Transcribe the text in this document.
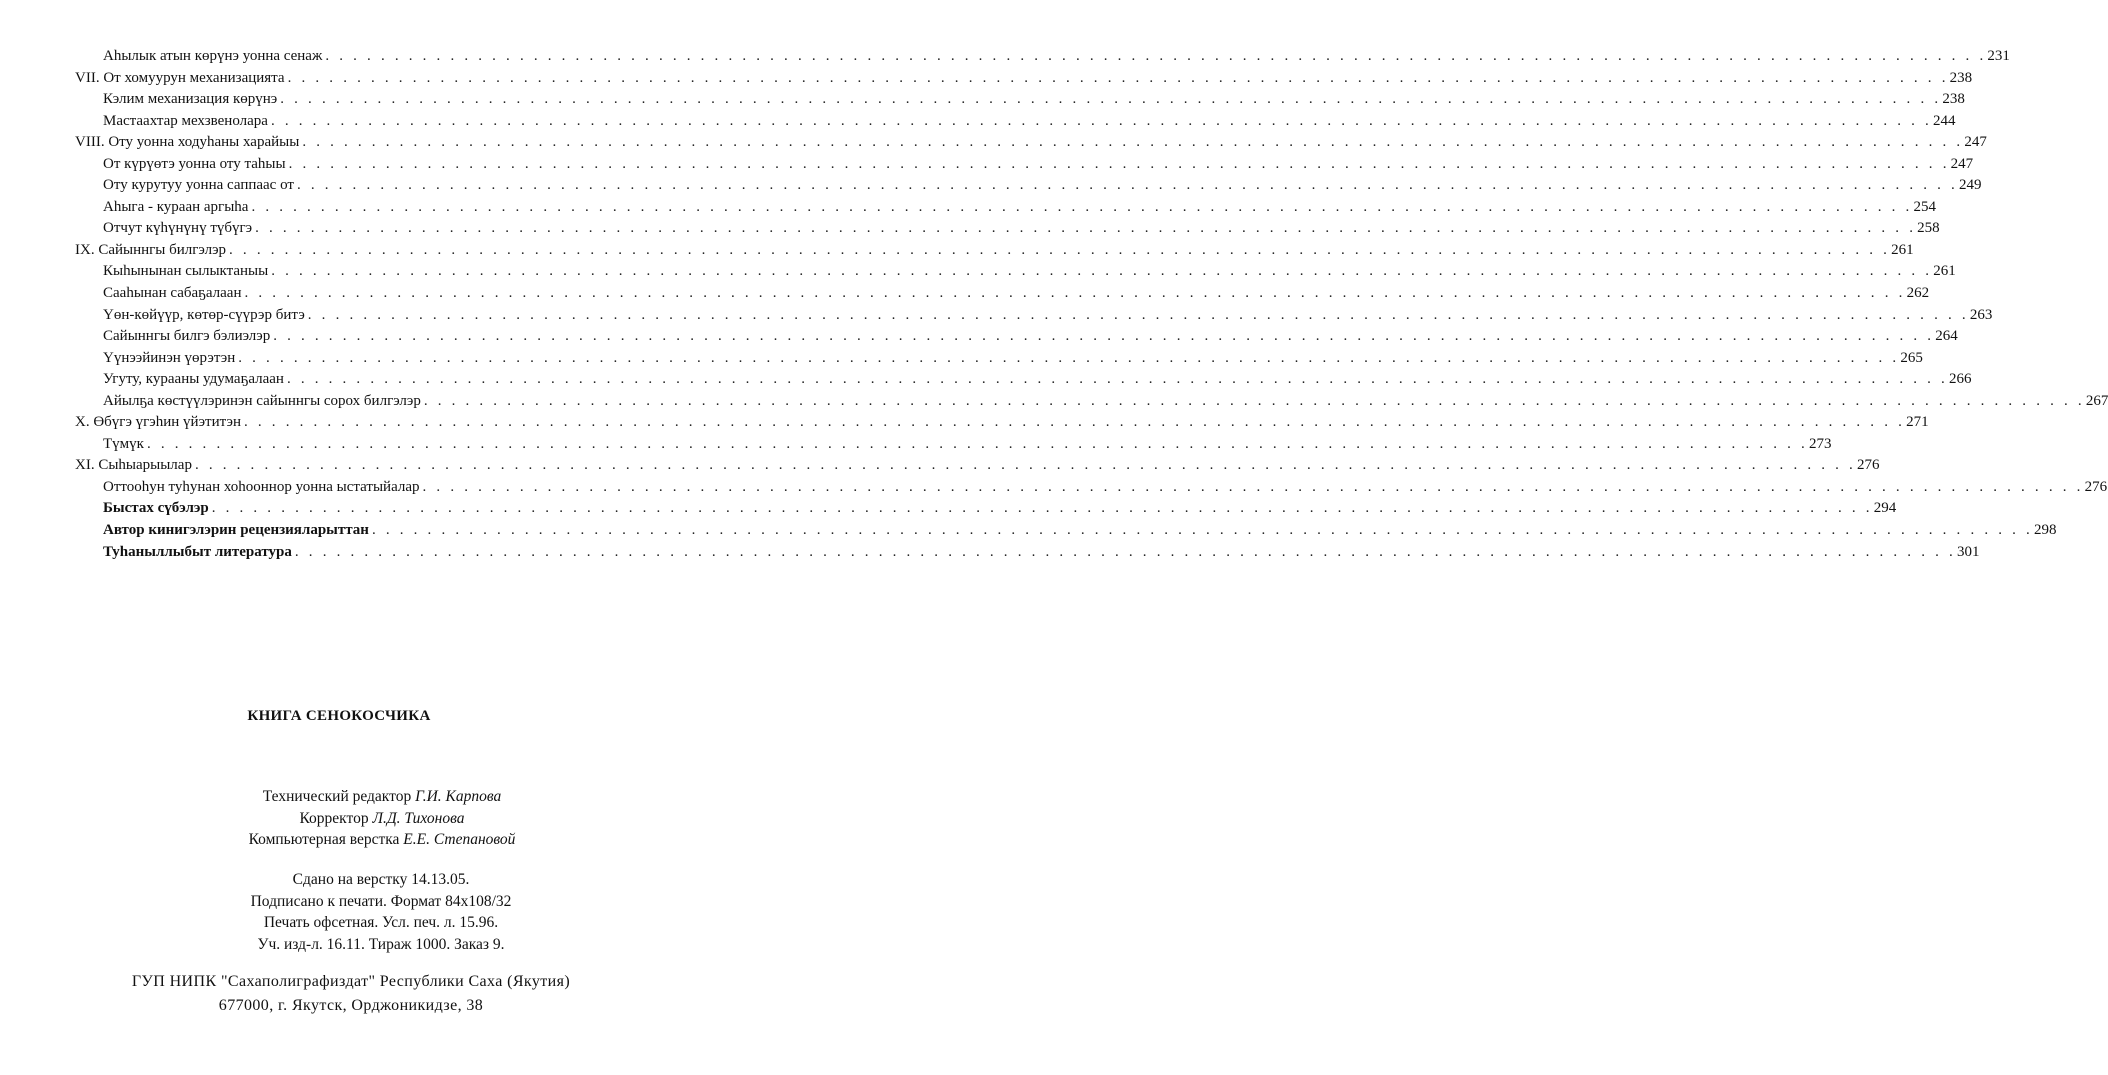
Аһылык атын көрүнэ уонна сенаж . . . . . . . . . . . . . . . . . . . . . . . . . . . . . . . . . . . . . . . . . . . . . . . . . . . . . . . . . . . . . . . . . . . . . . . . . . . . . . . . . . . . . . . . . . . . . . . . . . . . . . . . . . . . . . . . . . . . . . . . 231
VII. От хомуурун механизацията . . . . . . . . . . . . . . . . . . . . . . . . . . . . . . . . . . . . . . . . . . . . . . . . . . . . . . . . . . . . . . . . . . . . . . . . . . . . . . . . . . . . . . . . . . . . . . . . . . . . . . . . . . . . . . . . . . . . . . . . 238
Кэлим механизация көрүнэ . . . . . . . . . . . . . . . . . . . . . . . . . . . . . . . . . . . . . . . . . . . . . . . . . . . . . . . . . . . . . . . . . . . . . . . . . . . . . . . . . . . . . . . . . . . . . . . . . . . . . . . . . . . . . . . . . . . . . . . . 238
Мастаахтар мехзвенолара . . . . . . . . . . . . . . . . . . . . . . . . . . . . . . . . . . . . . . . . . . . . . . . . . . . . . . . . . . . . . . . . . . . . . . . . . . . . . . . . . . . . . . . . . . . . . . . . . . . . . . . . . . . . . . . . . . . . . . . . 244
VIII. Оту уонна ходуһаны харайыы . . . . . . . . . . . . . . . . . . . . . . . . . . . . . . . . . . . . . . . . . . . . . . . . . . . . . . . . . . . . . . . . . . . . . . . . . . . . . . . . . . . . . . . . . . . . . . . . . . . . . . . . . . . . . . . . . . . . . . . . 247
От күрүөтэ уонна оту таһыы . . . . . . . . . . . . . . . . . . . . . . . . . . . . . . . . . . . . . . . . . . . . . . . . . . . . . . . . . . . . . . . . . . . . . . . . . . . . . . . . . . . . . . . . . . . . . . . . . . . . . . . . . . . . . . . . . . . . . . . . 247
Оту курутуу уонна саппаас от . . . . . . . . . . . . . . . . . . . . . . . . . . . . . . . . . . . . . . . . . . . . . . . . . . . . . . . . . . . . . . . . . . . . . . . . . . . . . . . . . . . . . . . . . . . . . . . . . . . . . . . . . . . . . . . . . . . . . . . . 249
Аһыга - кураан аргыһа . . . . . . . . . . . . . . . . . . . . . . . . . . . . . . . . . . . . . . . . . . . . . . . . . . . . . . . . . . . . . . . . . . . . . . . . . . . . . . . . . . . . . . . . . . . . . . . . . . . . . . . . . . . . . . . . . . . . . . . . 254
Отчут күһүнүнү түбүгэ . . . . . . . . . . . . . . . . . . . . . . . . . . . . . . . . . . . . . . . . . . . . . . . . . . . . . . . . . . . . . . . . . . . . . . . . . . . . . . . . . . . . . . . . . . . . . . . . . . . . . . . . . . . . . . . . . . . . . . . . 258
IX. Сайыннгы билгэлэр . . . . . . . . . . . . . . . . . . . . . . . . . . . . . . . . . . . . . . . . . . . . . . . . . . . . . . . . . . . . . . . . . . . . . . . . . . . . . . . . . . . . . . . . . . . . . . . . . . . . . . . . . . . . . . . . . . . . . . . . 261
Кыһынынан сылыктаныы . . . . . . . . . . . . . . . . . . . . . . . . . . . . . . . . . . . . . . . . . . . . . . . . . . . . . . . . . . . . . . . . . . . . . . . . . . . . . . . . . . . . . . . . . . . . . . . . . . . . . . . . . . . . . . . . . . . . . . . . 261
Сааһынан сабаҕалаан . . . . . . . . . . . . . . . . . . . . . . . . . . . . . . . . . . . . . . . . . . . . . . . . . . . . . . . . . . . . . . . . . . . . . . . . . . . . . . . . . . . . . . . . . . . . . . . . . . . . . . . . . . . . . . . . . . . . . . . . 262
Үөн-көйүүр, көтөр-сүүрэр битэ . . . . . . . . . . . . . . . . . . . . . . . . . . . . . . . . . . . . . . . . . . . . . . . . . . . . . . . . . . . . . . . . . . . . . . . . . . . . . . . . . . . . . . . . . . . . . . . . . . . . . . . . . . . . . . . . . . . . . . . . 263
Сайыннгы билгэ бэлиэлэр . . . . . . . . . . . . . . . . . . . . . . . . . . . . . . . . . . . . . . . . . . . . . . . . . . . . . . . . . . . . . . . . . . . . . . . . . . . . . . . . . . . . . . . . . . . . . . . . . . . . . . . . . . . . . . . . . . . . . . . . 264
Үүнээйинэн үөрэтэн . . . . . . . . . . . . . . . . . . . . . . . . . . . . . . . . . . . . . . . . . . . . . . . . . . . . . . . . . . . . . . . . . . . . . . . . . . . . . . . . . . . . . . . . . . . . . . . . . . . . . . . . . . . . . . . . . . . . . . . . 265
Угуту, курааны удумаҕалаан . . . . . . . . . . . . . . . . . . . . . . . . . . . . . . . . . . . . . . . . . . . . . . . . . . . . . . . . . . . . . . . . . . . . . . . . . . . . . . . . . . . . . . . . . . . . . . . . . . . . . . . . . . . . . . . . . . . . . . . . 266
Айылҕа көстүүлэринэн сайыннгы сорох билгэлэр . . . . . . . . . . . . . . . . . . . . . . . . . . . . . . . . . . . . . . . . . . . . . . . . . . . . . . . . . . . . . . . . . . . . . . . . . . . . . . . . . . . . . . . . . . . . . . . . . . . . . . . . . . . . . . . . . . . . . . . . 267
X. Өбүгэ үгэһин үйэтитэн . . . . . . . . . . . . . . . . . . . . . . . . . . . . . . . . . . . . . . . . . . . . . . . . . . . . . . . . . . . . . . . . . . . . . . . . . . . . . . . . . . . . . . . . . . . . . . . . . . . . . . . . . . . . . . . . . . . . . . . . 271
Түмүк . . . . . . . . . . . . . . . . . . . . . . . . . . . . . . . . . . . . . . . . . . . . . . . . . . . . . . . . . . . . . . . . . . . . . . . . . . . . . . . . . . . . . . . . . . . . . . . . . . . . . . . . . . . . . . . . . . . . . . . . 273
XI. Сыһыарыылар . . . . . . . . . . . . . . . . . . . . . . . . . . . . . . . . . . . . . . . . . . . . . . . . . . . . . . . . . . . . . . . . . . . . . . . . . . . . . . . . . . . . . . . . . . . . . . . . . . . . . . . . . . . . . . . . . . . . . . . . 276
Оттооһун туһунан хоһооннор уонна ыстатыйалар . . . . . . . . . . . . . . . . . . . . . . . . . . . . . . . . . . . . . . . . . . . . . . . . . . . . . . . . . . . . . . . . . . . . . . . . . . . . . . . . . . . . . . . . . . . . . . . . . . . . . . . . . . . . . . . . . . . . . . . . 276
Быстах сүбэлэр . . . . . . . . . . . . . . . . . . . . . . . . . . . . . . . . . . . . . . . . . . . . . . . . . . . . . . . . . . . . . . . . . . . . . . . . . . . . . . . . . . . . . . . . . . . . . . . . . . . . . . . . . . . . . . . . . . . . . . . . 294
Автор кинигэлэрин рецензияларыттан . . . . . . . . . . . . . . . . . . . . . . . . . . . . . . . . . . . . . . . . . . . . . . . . . . . . . . . . . . . . . . . . . . . . . . . . . . . . . . . . . . . . . . . . . . . . . . . . . . . . . . . . . . . . . . . . . . . . . . . . 298
Туһаныллыбыт литература . . . . . . . . . . . . . . . . . . . . . . . . . . . . . . . . . . . . . . . . . . . . . . . . . . . . . . . . . . . . . . . . . . . . . . . . . . . . . . . . . . . . . . . . . . . . . . . . . . . . . . . . . . . . . . . . . . . . . . . . 301
КНИГА СЕНОКОСЧИКА
Технический редактор Г.И. Карпова
Корректор Л.Д. Тихонова
Компьютерная верстка Е.Е. Степановой
Сдано на верстку 14.13.05.
Подписано к печати. Формат 84x108/32
Печать офсетная. Усл. печ. л. 15.96.
Уч. изд-л. 16.11. Тираж 1000. Заказ 9.
ГУП НИПК "Сахаполиграфиздат" Республики Саха (Якутия)
677000, г. Якутск, Орджоникидзе, 38
